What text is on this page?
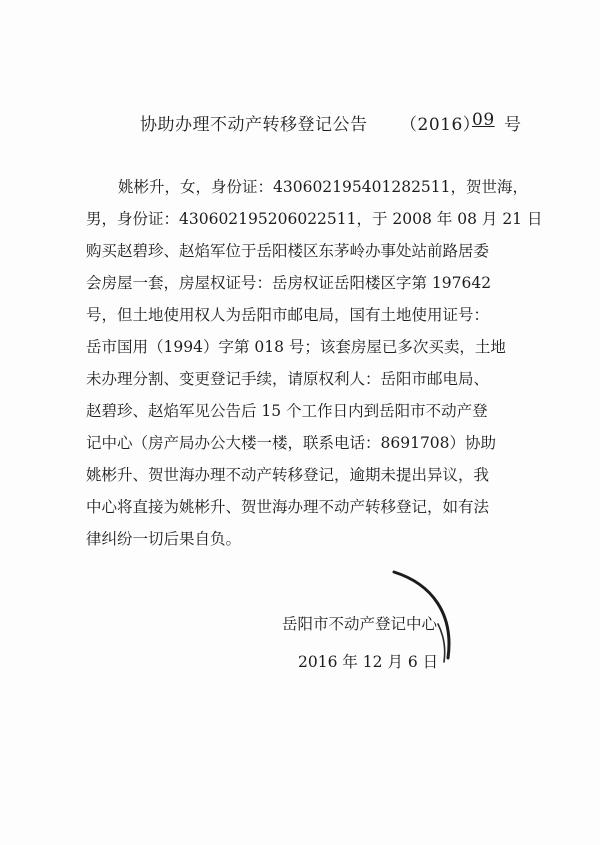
协助办理不动产转移登记公告 （2016）
09 号
姚彬升，女，身份证：430602195401282511，贺世海，
男，身份证：430602195206022511，于 2008 年 08 月 21 日
购买赵碧珍、赵焰军位于岳阳楼区东茅岭办事处站前路居委
会房屋一套，房屋权证号：岳房权证岳阳楼区字第 197642
号，但土地使用权人为岳阳市邮电局，国有土地使用证号：
岳市国用（1994）字第 018 号；该套房屋已多次买卖，土地
未办理分割、变更登记手续，请原权利人：岳阳市邮电局、
赵碧珍、赵焰军见公告后 15 个工作日内到岳阳市不动产登
记中心（房产局办公大楼一楼，联系电话：8691708）协助
姚彬升、贺世海办理不动产转移登记，逾期未提出异议，我
中心将直接为姚彬升、贺世海办理不动产转移登记，如有法
律纠纷一切后果自负。
岳阳市不动产登记中心
2016 年 12 月 6 日
